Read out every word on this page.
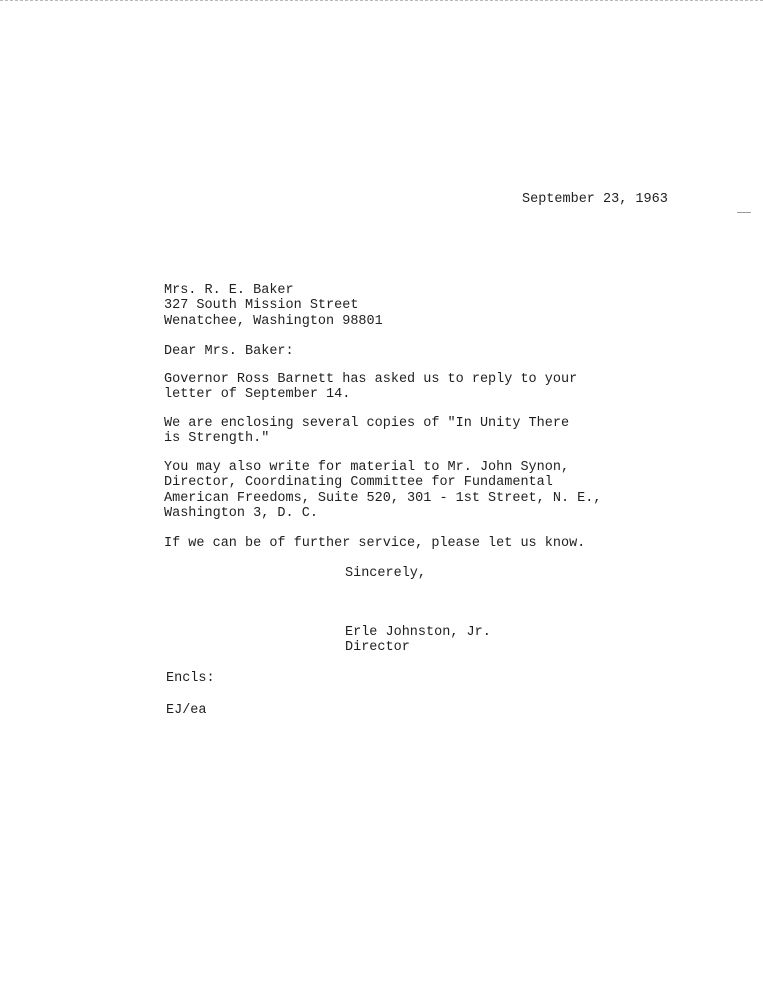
September 23, 1963
Mrs. R. E. Baker
327 South Mission Street
Wenatchee, Washington 98801
Dear Mrs. Baker:
Governor Ross Barnett has asked us to reply to your
letter of September 14.
We are enclosing several copies of "In Unity There
is Strength."
You may also write for material to Mr. John Synon,
Director, Coordinating Committee for Fundamental
American Freedoms, Suite 520, 301 - 1st Street, N. E.,
Washington 3, D. C.
If we can be of further service, please let us know.
Sincerely,
Erle Johnston, Jr.
Director
Encls:
EJ/ea
